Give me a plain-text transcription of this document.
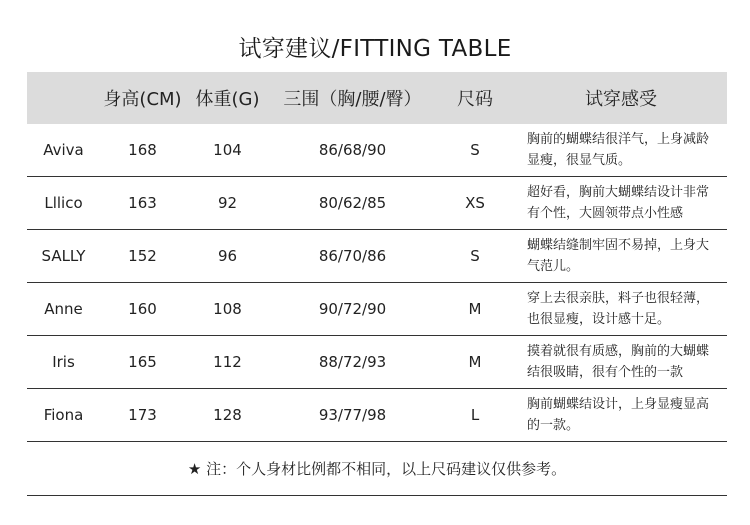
试穿建议/FITTING TABLE
	身高(CM)	体重(G)	三围（胸/腰/臀）	尺码	试穿感受
Aviva	168	104	86/68/90	S	胸前的蝴蝶结很洋气，上身减龄显瘦，很显气质。
Lllico	163	92	80/62/85	XS	超好看，胸前大蝴蝶结设计非常有个性，大圆领带点小性感
SALLY	152	96	86/70/86	S	蝴蝶结缝制牢固不易掉，上身大气范儿。
Anne	160	108	90/72/90	M	穿上去很亲肤，料子也很轻薄，也很显瘦，设计感十足。
Iris	165	112	88/72/93	M	摸着就很有质感，胸前的大蝴蝶结很吸睛，很有个性的一款
Fiona	173	128	93/77/98	L	胸前蝴蝶结设计，上身显瘦显高的一款。
★ 注：个人身材比例都不相同，以上尺码建议仅供参考。
